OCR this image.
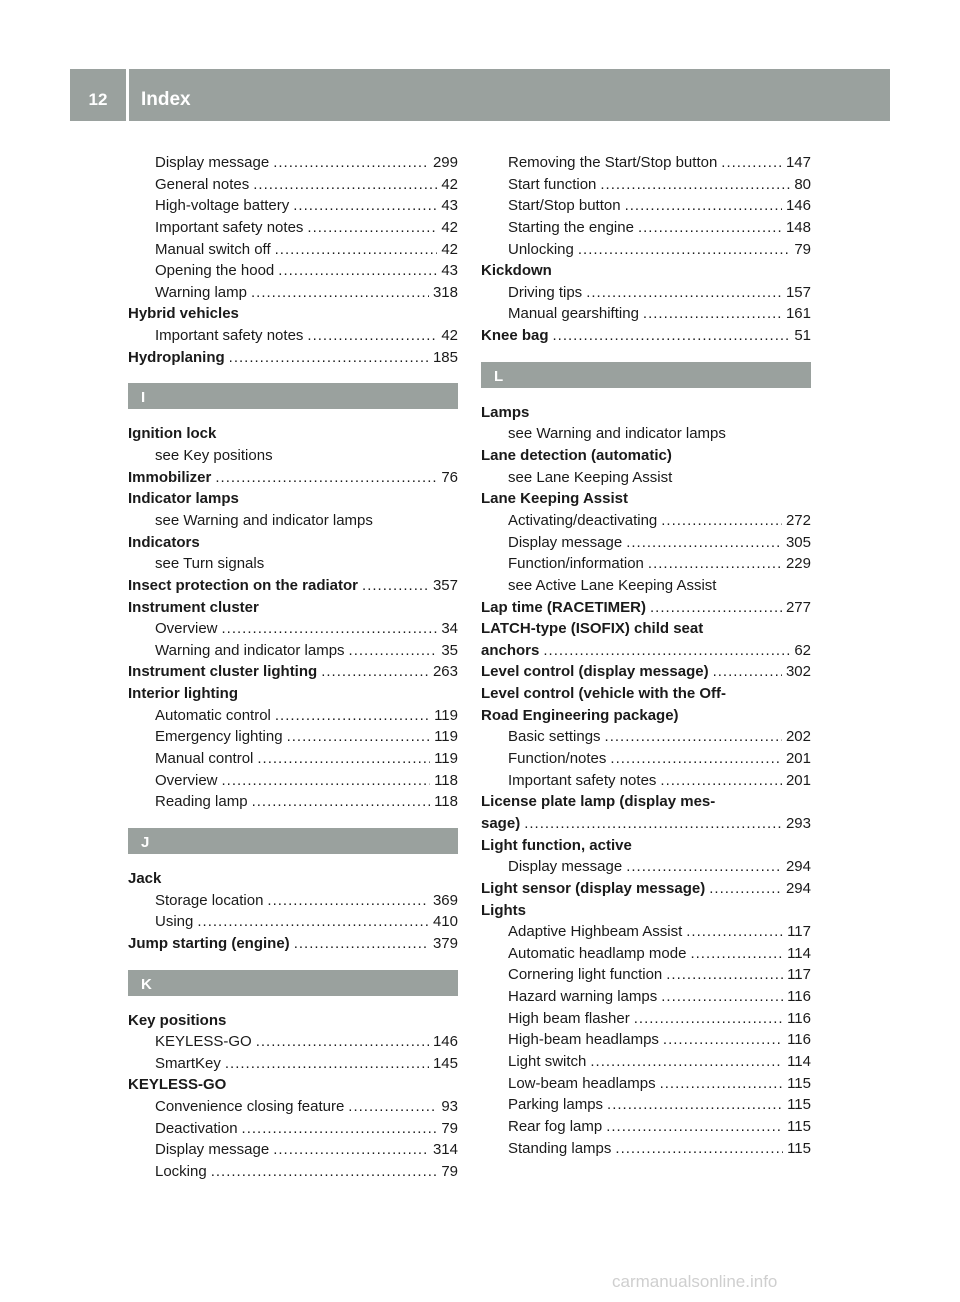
12	Index
Display message .....	299
General notes .....	42
High-voltage battery .....	43
Important safety notes .....	42
Manual switch off .....	42
Opening the hood .....	43
Warning lamp .....	318
Hybrid vehicles
Important safety notes .....	42
Hydroplaning .....	185
I
Ignition lock
see Key positions
Immobilizer .....	76
Indicator lamps
see Warning and indicator lamps
Indicators
see Turn signals
Insect protection on the radiator .....	357
Instrument cluster
Overview .....	34
Warning and indicator lamps .....	35
Instrument cluster lighting .....	263
Interior lighting
Automatic control .....	119
Emergency lighting .....	119
Manual control .....	119
Overview .....	118
Reading lamp .....	118
J
Jack
Storage location .....	369
Using .....	410
Jump starting (engine) .....	379
K
Key positions
KEYLESS-GO .....	146
SmartKey .....	145
KEYLESS-GO
Convenience closing feature .....	93
Deactivation .....	79
Display message .....	314
Locking .....	79
Removing the Start/Stop button .....	147
Start function .....	80
Start/Stop button .....	146
Starting the engine .....	148
Unlocking .....	79
Kickdown
Driving tips .....	157
Manual gearshifting .....	161
Knee bag .....	51
L
Lamps
see Warning and indicator lamps
Lane detection (automatic)
see Lane Keeping Assist
Lane Keeping Assist
Activating/deactivating .....	272
Display message .....	305
Function/information .....	229
see Active Lane Keeping Assist
Lap time (RACETIMER) .....	277
LATCH-type (ISOFIX) child seat
anchors .....	62
Level control (display message) .....	302
Level control (vehicle with the Off-
Road Engineering package)
Basic settings .....	202
Function/notes .....	201
Important safety notes .....	201
License plate lamp (display mes-
sage) .....	293
Light function, active
Display message .....	294
Light sensor (display message) .....	294
Lights
Adaptive Highbeam Assist .....	117
Automatic headlamp mode .....	114
Cornering light function .....	117
Hazard warning lamps .....	116
High beam flasher .....	116
High-beam headlamps .....	116
Light switch .....	114
Low-beam headlamps .....	115
Parking lamps .....	115
Rear fog lamp .....	115
Standing lamps .....	115
carmanualsonline.info
